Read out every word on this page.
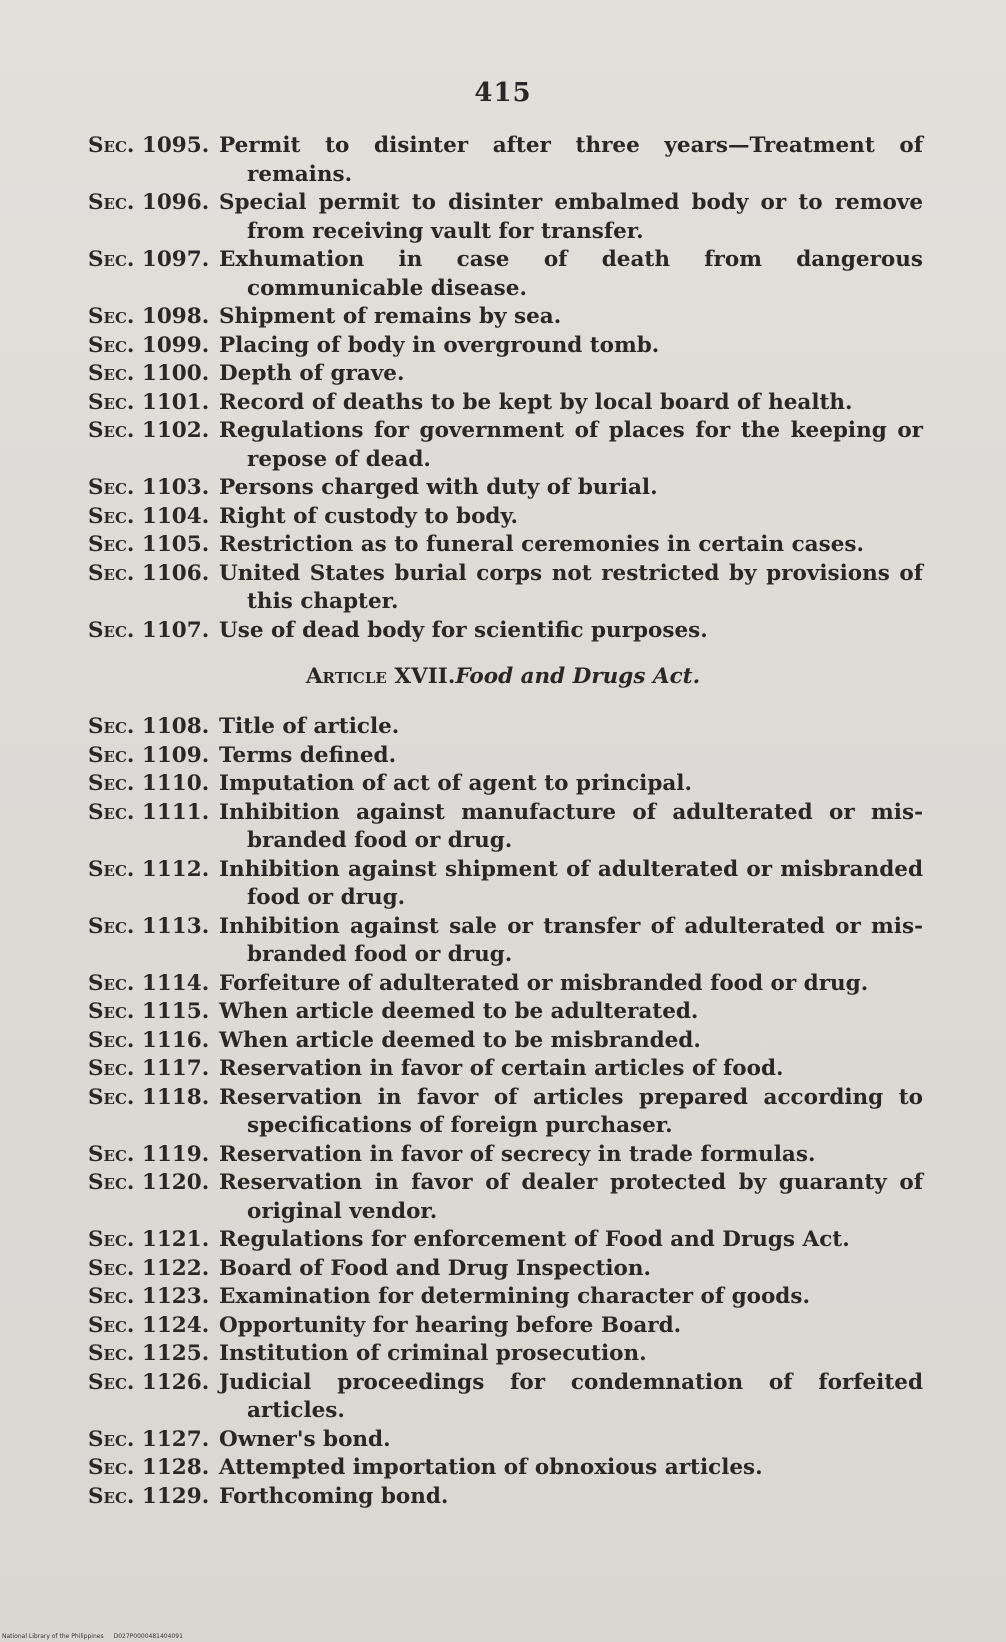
415
Sec. 1095. Permit to disinter after three years—Treatment of remains.
Sec. 1096. Special permit to disinter embalmed body or to remove from receiving vault for transfer.
Sec. 1097. Exhumation in case of death from dangerous communicable disease.
Sec. 1098. Shipment of remains by sea.
Sec. 1099. Placing of body in overground tomb.
Sec. 1100. Depth of grave.
Sec. 1101. Record of deaths to be kept by local board of health.
Sec. 1102. Regulations for government of places for the keeping or repose of dead.
Sec. 1103. Persons charged with duty of burial.
Sec. 1104. Right of custody to body.
Sec. 1105. Restriction as to funeral ceremonies in certain cases.
Sec. 1106. United States burial corps not restricted by provisions of this chapter.
Sec. 1107. Use of dead body for scientific purposes.
Article XVII.Food and Drugs Act.
Sec. 1108. Title of article.
Sec. 1109. Terms defined.
Sec. 1110. Imputation of act of agent to principal.
Sec. 1111. Inhibition against manufacture of adulterated or mis-branded food or drug.
Sec. 1112. Inhibition against shipment of adulterated or misbranded food or drug.
Sec. 1113. Inhibition against sale or transfer of adulterated or mis-branded food or drug.
Sec. 1114. Forfeiture of adulterated or misbranded food or drug.
Sec. 1115. When article deemed to be adulterated.
Sec. 1116. When article deemed to be misbranded.
Sec. 1117. Reservation in favor of certain articles of food.
Sec. 1118. Reservation in favor of articles prepared according to specifications of foreign purchaser.
Sec. 1119. Reservation in favor of secrecy in trade formulas.
Sec. 1120. Reservation in favor of dealer protected by guaranty of original vendor.
Sec. 1121. Regulations for enforcement of Food and Drugs Act.
Sec. 1122. Board of Food and Drug Inspection.
Sec. 1123. Examination for determining character of goods.
Sec. 1124. Opportunity for hearing before Board.
Sec. 1125. Institution of criminal prosecution.
Sec. 1126. Judicial proceedings for condemnation of forfeited articles.
Sec. 1127. Owner's bond.
Sec. 1128. Attempted importation of obnoxious articles.
Sec. 1129. Forthcoming bond.
National Library of the Philippines D027P0000481404091
